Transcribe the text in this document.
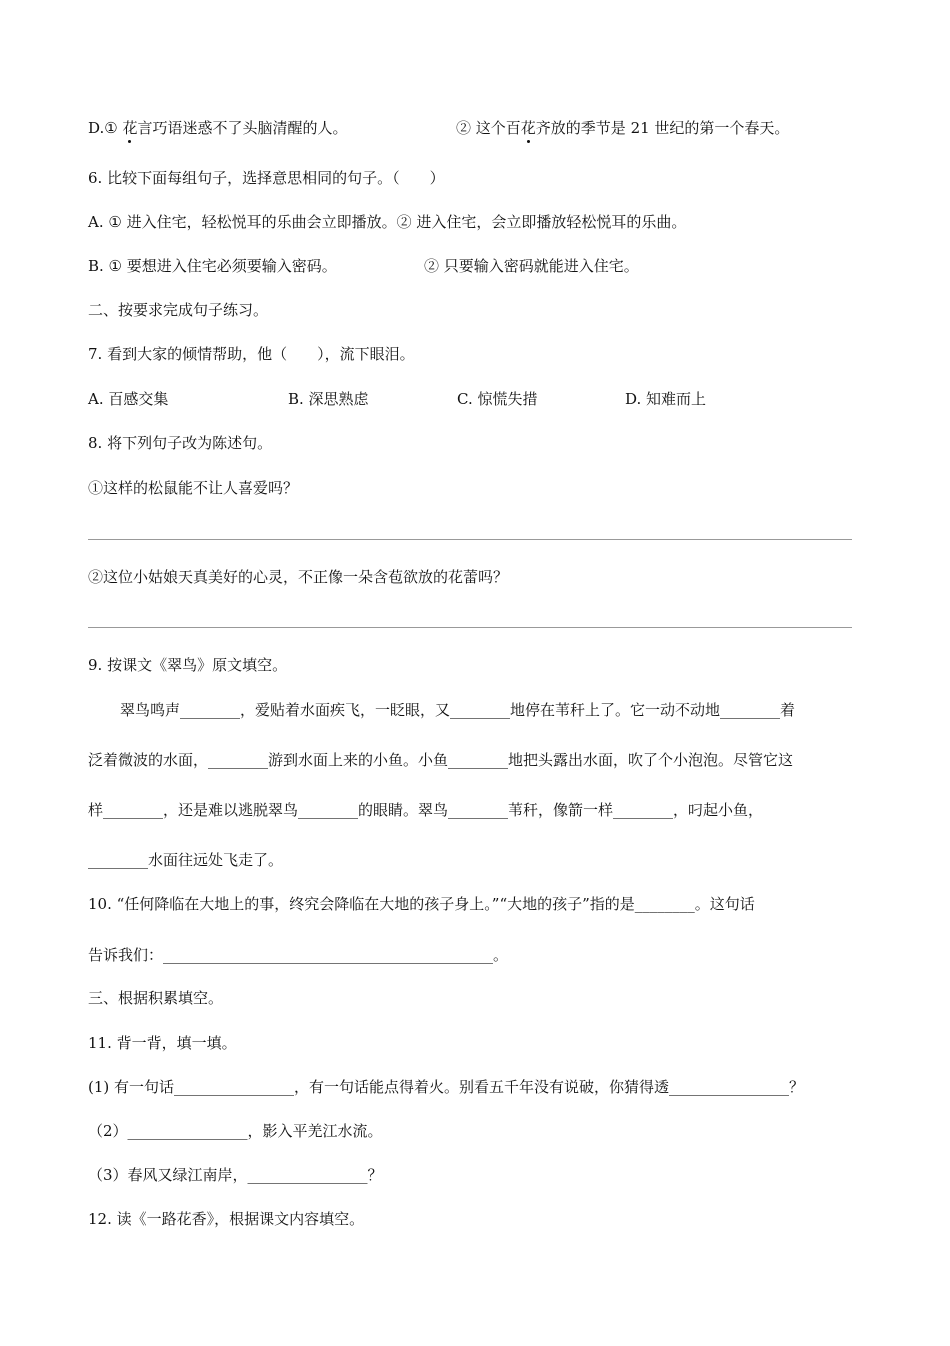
D.① 花言巧语迷惑不了头脑清醒的人。	② 这个百花齐放的季节是 21 世纪的第一个春天。
6. 比较下面每组句子，选择意思相同的句子。（　　）
A. ① 进入住宅，轻松悦耳的乐曲会立即播放。② 进入住宅，会立即播放轻松悦耳的乐曲。
B. ① 要想进入住宅必须要输入密码。	② 只要输入密码就能进入住宅。
二、按要求完成句子练习。
7. 看到大家的倾情帮助，他（　　），流下眼泪。
A. 百感交集	B. 深思熟虑	C. 惊慌失措	D. 知难而上
8. 将下列句子改为陈述句。
①这样的松鼠能不让人喜爱吗？
②这位小姑娘天真美好的心灵，不正像一朵含苞欲放的花蕾吗？
9. 按课文《翠鸟》原文填空。
翠鸟鸣声________，爱贴着水面疾飞，一眨眼，又________地停在苇秆上了。它一动不动地________着
泛着微波的水面，________游到水面上来的小鱼。小鱼________地把头露出水面，吹了个小泡泡。尽管它这
样________，还是难以逃脱翠鸟________的眼睛。翠鸟________苇秆，像箭一样________，叼起小鱼，
________水面往远处飞走了。
10. “任何降临在大地上的事，终究会降临在大地的孩子身上。”“大地的孩子”指的是________。这句话
告诉我们：____________________________________________。
三、根据积累填空。
11. 背一背，填一填。
(1) 有一句话________________，有一句话能点得着火。别看五千年没有说破，你猜得透________________？
（2）________________，影入平羌江水流。
（3）春风又绿江南岸，________________？
12. 读《一路花香》，根据课文内容填空。
